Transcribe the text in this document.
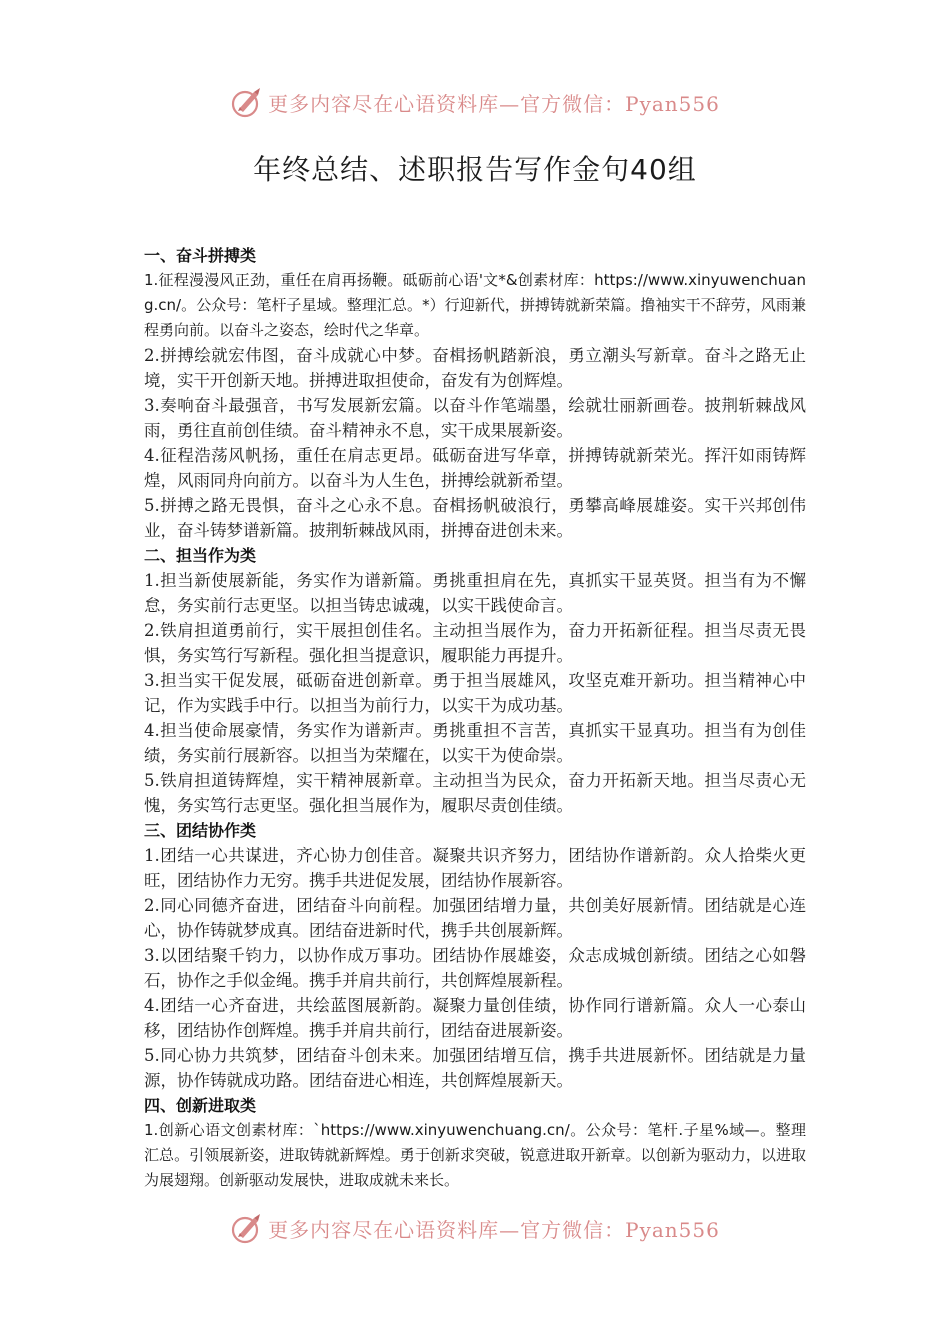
更多内容尽在心语资料库—官方微信：Pyan556
年终总结、述职报告写作金句40组
一、奋斗拼搏类
1.征程漫漫风正劲，重任在肩再扬鞭。砥砺前心语'文*&创素材库：https://www.xinyuwenchuang.cn/。公众号：笔杆子星域。整理汇总。*）行迎新代，拼搏铸就新荣篇。撸袖实干不辞劳，风雨兼程勇向前。以奋斗之姿态，绘时代之华章。
2.拼搏绘就宏伟图，奋斗成就心中梦。奋楫扬帆踏新浪，勇立潮头写新章。奋斗之路无止境，实干开创新天地。拼搏进取担使命，奋发有为创辉煌。
3.奏响奋斗最强音，书写发展新宏篇。以奋斗作笔端墨，绘就壮丽新画卷。披荆斩棘战风雨，勇往直前创佳绩。奋斗精神永不息，实干成果展新姿。
4.征程浩荡风帆扬，重任在肩志更昂。砥砺奋进写华章，拼搏铸就新荣光。挥汗如雨铸辉煌，风雨同舟向前方。以奋斗为人生色，拼搏绘就新希望。
5.拼搏之路无畏惧，奋斗之心永不息。奋楫扬帆破浪行，勇攀高峰展雄姿。实干兴邦创伟业，奋斗铸梦谱新篇。披荆斩棘战风雨，拼搏奋进创未来。
二、担当作为类
1.担当新使展新能，务实作为谱新篇。勇挑重担肩在先，真抓实干显英贤。担当有为不懈怠，务实前行志更坚。以担当铸忠诚魂，以实干践使命言。
2.铁肩担道勇前行，实干展担创佳名。主动担当展作为，奋力开拓新征程。担当尽责无畏惧，务实笃行写新程。强化担当提意识，履职能力再提升。
3.担当实干促发展，砥砺奋进创新章。勇于担当展雄风，攻坚克难开新功。担当精神心中记，作为实践手中行。以担当为前行力，以实干为成功基。
4.担当使命展豪情，务实作为谱新声。勇挑重担不言苦，真抓实干显真功。担当有为创佳绩，务实前行展新容。以担当为荣耀在，以实干为使命崇。
5.铁肩担道铸辉煌，实干精神展新章。主动担当为民众，奋力开拓新天地。担当尽责心无愧，务实笃行志更坚。强化担当展作为，履职尽责创佳绩。
三、团结协作类
1.团结一心共谋进，齐心协力创佳音。凝聚共识齐努力，团结协作谱新韵。众人拾柴火更旺，团结协作力无穷。携手共进促发展，团结协作展新容。
2.同心同德齐奋进，团结奋斗向前程。加强团结增力量，共创美好展新情。团结就是心连心，协作铸就梦成真。团结奋进新时代，携手共创展新辉。
3.以团结聚千钧力，以协作成万事功。团结协作展雄姿，众志成城创新绩。团结之心如磐石，协作之手似金绳。携手并肩共前行，共创辉煌展新程。
4.团结一心齐奋进，共绘蓝图展新韵。凝聚力量创佳绩，协作同行谱新篇。众人一心泰山移，团结协作创辉煌。携手并肩共前行，团结奋进展新姿。
5.同心协力共筑梦，团结奋斗创未来。加强团结增互信，携手共进展新怀。团结就是力量源，协作铸就成功路。团结奋进心相连，共创辉煌展新天。
四、创新进取类
1.创新心语文创素材库：`https://www.xinyuwenchuang.cn/。公众号：笔杆.子星%域—。整理汇总。引领展新姿，进取铸就新辉煌。勇于创新求突破，锐意进取开新章。以创新为驱动力，以进取为展翅翔。创新驱动发展快，进取成就未来长。
更多内容尽在心语资料库—官方微信：Pyan556
